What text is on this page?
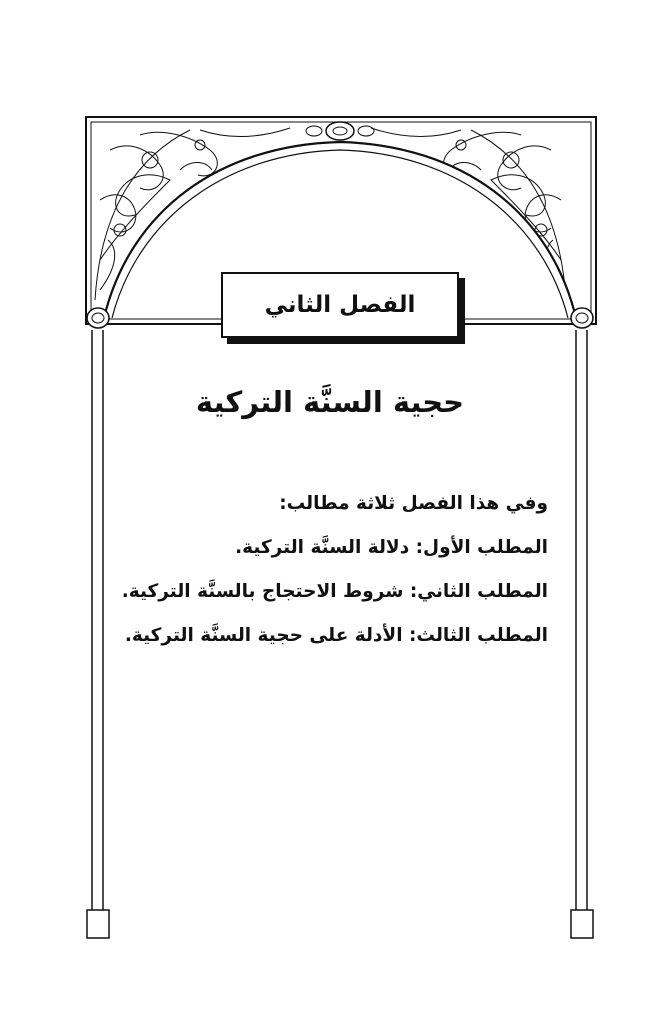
الفصل الثاني
حجية السنَّة التركية
وفي هذا الفصل ثلاثة مطالب:
المطلب الأول: دلالة السنَّة التركية.
المطلب الثاني: شروط الاحتجاج بالسنَّة التركية.
المطلب الثالث: الأدلة على حجية السنَّة التركية.
